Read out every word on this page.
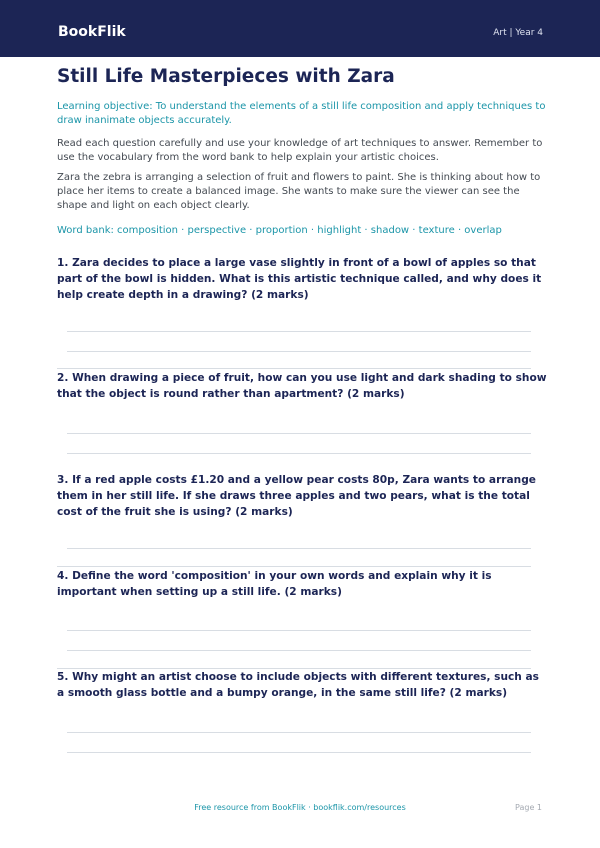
BookFlik	Art | Year 4
Still Life Masterpieces with Zara
Learning objective: To understand the elements of a still life composition and apply techniques to draw inanimate objects accurately.
Read each question carefully and use your knowledge of art techniques to answer. Remember to use the vocabulary from the word bank to help explain your artistic choices.
Zara the zebra is arranging a selection of fruit and flowers to paint. She is thinking about how to place her items to create a balanced image. She wants to make sure the viewer can see the shape and light on each object clearly.
Word bank: composition · perspective · proportion · highlight · shadow · texture · overlap
1. Zara decides to place a large vase slightly in front of a bowl of apples so that part of the bowl is hidden. What is this artistic technique called, and why does it help create depth in a drawing? (2 marks)
2. When drawing a piece of fruit, how can you use light and dark shading to show that the object is round rather than apartment? (2 marks)
3. If a red apple costs £1.20 and a yellow pear costs 80p, Zara wants to arrange them in her still life. If she draws three apples and two pears, what is the total cost of the fruit she is using? (2 marks)
4. Define the word 'composition' in your own words and explain why it is important when setting up a still life. (2 marks)
5. Why might an artist choose to include objects with different textures, such as a smooth glass bottle and a bumpy orange, in the same still life? (2 marks)
Free resource from BookFlik · bookflik.com/resources	Page 1
